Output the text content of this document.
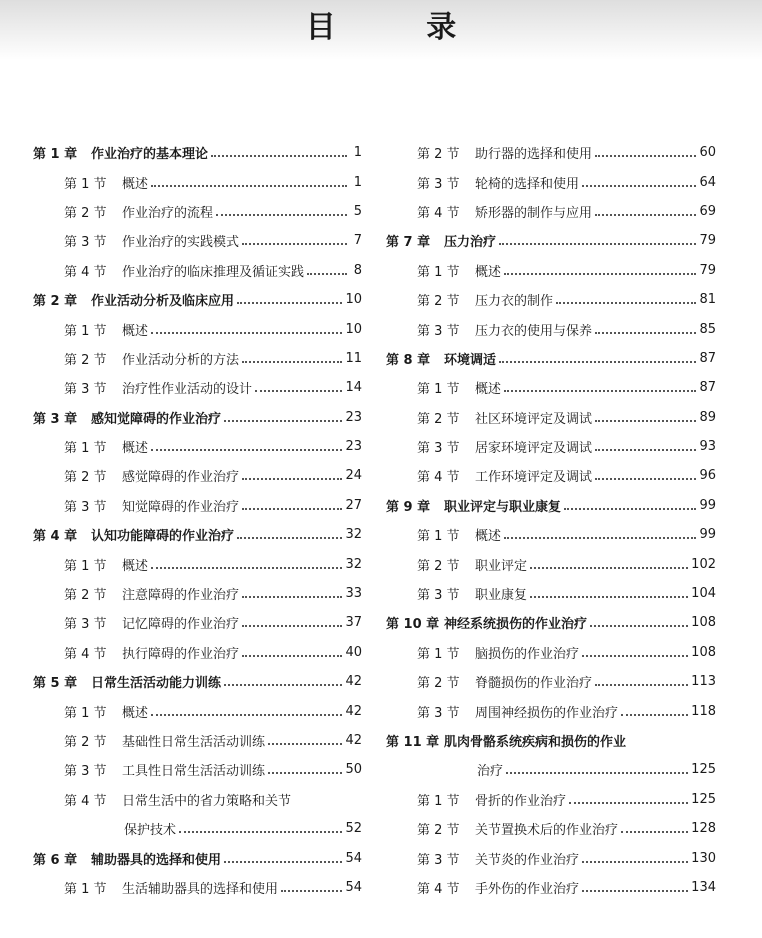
目 录
第 1 章	作业治疗的基本理论	1
第 1 节	概述	1
第 2 节	作业治疗的流程	5
第 3 节	作业治疗的实践模式	7
第 4 节	作业治疗的临床推理及循证实践	8
第 2 章	作业活动分析及临床应用	10
第 1 节	概述	10
第 2 节	作业活动分析的方法	11
第 3 节	治疗性作业活动的设计	14
第 3 章	感知觉障碍的作业治疗	23
第 1 节	概述	23
第 2 节	感觉障碍的作业治疗	24
第 3 节	知觉障碍的作业治疗	27
第 4 章	认知功能障碍的作业治疗	32
第 1 节	概述	32
第 2 节	注意障碍的作业治疗	33
第 3 节	记忆障碍的作业治疗	37
第 4 节	执行障碍的作业治疗	40
第 5 章	日常生活活动能力训练	42
第 1 节	概述	42
第 2 节	基础性日常生活活动训练	42
第 3 节	工具性日常生活活动训练	50
第 4 节	日常生活中的省力策略和关节
保护技术	52
第 6 章	辅助器具的选择和使用	54
第 1 节	生活辅助器具的选择和使用	54
第 2 节	助行器的选择和使用	60
第 3 节	轮椅的选择和使用	64
第 4 节	矫形器的制作与应用	69
第 7 章	压力治疗	79
第 1 节	概述	79
第 2 节	压力衣的制作	81
第 3 节	压力衣的使用与保养	85
第 8 章	环境调适	87
第 1 节	概述	87
第 2 节	社区环境评定及调试	89
第 3 节	居家环境评定及调试	93
第 4 节	工作环境评定及调试	96
第 9 章	职业评定与职业康复	99
第 1 节	概述	99
第 2 节	职业评定	102
第 3 节	职业康复	104
第 10 章 神经系统损伤的作业治疗	108
第 1 节	脑损伤的作业治疗	108
第 2 节	脊髓损伤的作业治疗	113
第 3 节	周围神经损伤的作业治疗	118
第 11 章 肌肉骨骼系统疾病和损伤的作业
治疗	125
第 1 节	骨折的作业治疗	125
第 2 节	关节置换术后的作业治疗	128
第 3 节	关节炎的作业治疗	130
第 4 节	手外伤的作业治疗	134
